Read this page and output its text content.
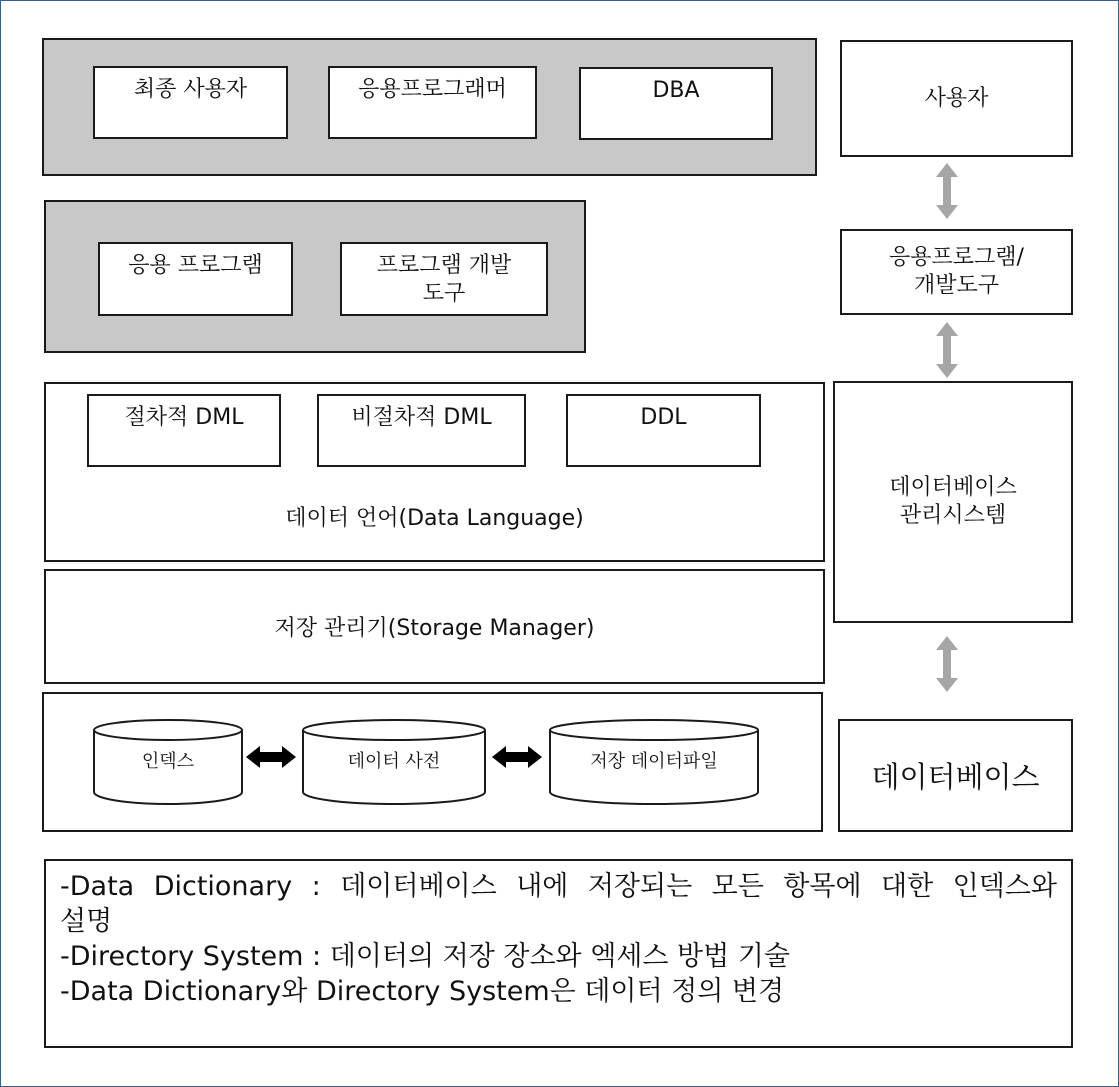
최종 사용자	응용프로그래머	DBA
응용 프로그램	프로그램 개발
도구
절차적 DML	비절차적 DML	DDL
데이터 언어(Data Language)
저장 관리기(Storage Manager)
인덱스	데이터 사전	저장 데이터파일
사용자
응용프로그램/
개발도구
데이터베이스
관리시스템
데이터베이스

-Data Dictionary : 데이터베이스 내에 저장되는 모든 항목에 대한 인덱스와

설명

-Directory System : 데이터의 저장 장소와 엑세스 방법 기술

-Data Dictionary와 Directory System은 데이터 정의 변경
